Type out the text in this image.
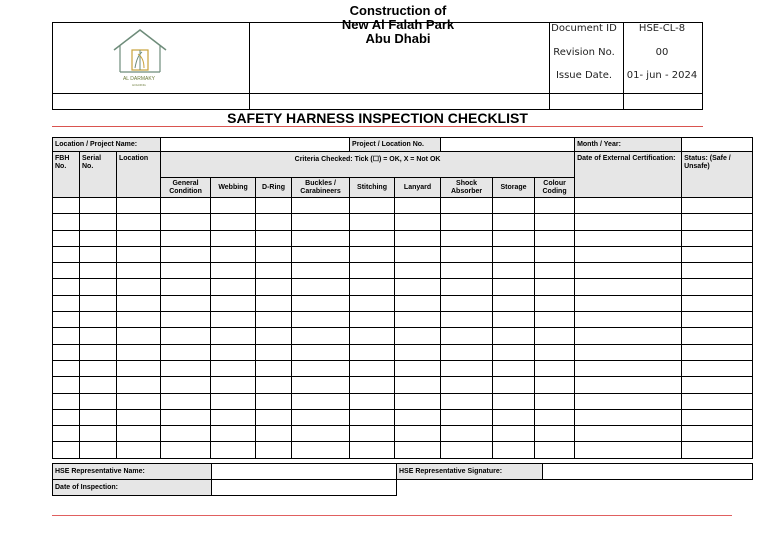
AL DARMAKY
HOLDING
Construction of
New Al Falah Park
Abu Dhabi
Document ID	HSE-CL-8
Revision No.	00
Issue Date.	01- jun - 2024
SAFETY HARNESS INSPECTION CHECKLIST
Location / Project Name:							Project / Location No.					Month / Year:	
FBH No.	Serial No.	Location	Criteria Checked: Tick (☐) = OK, X = Not OK									Date of External Certification:	Status: (Safe / Unsafe)
			General Condition	Webbing	D-Ring	Buckles / Carabineers	Stitching	Lanyard	Shock Absorber	Storage	Colour Coding		

HSE Representative Name:		HSE Representative Signature:	
Date of Inspection:			
